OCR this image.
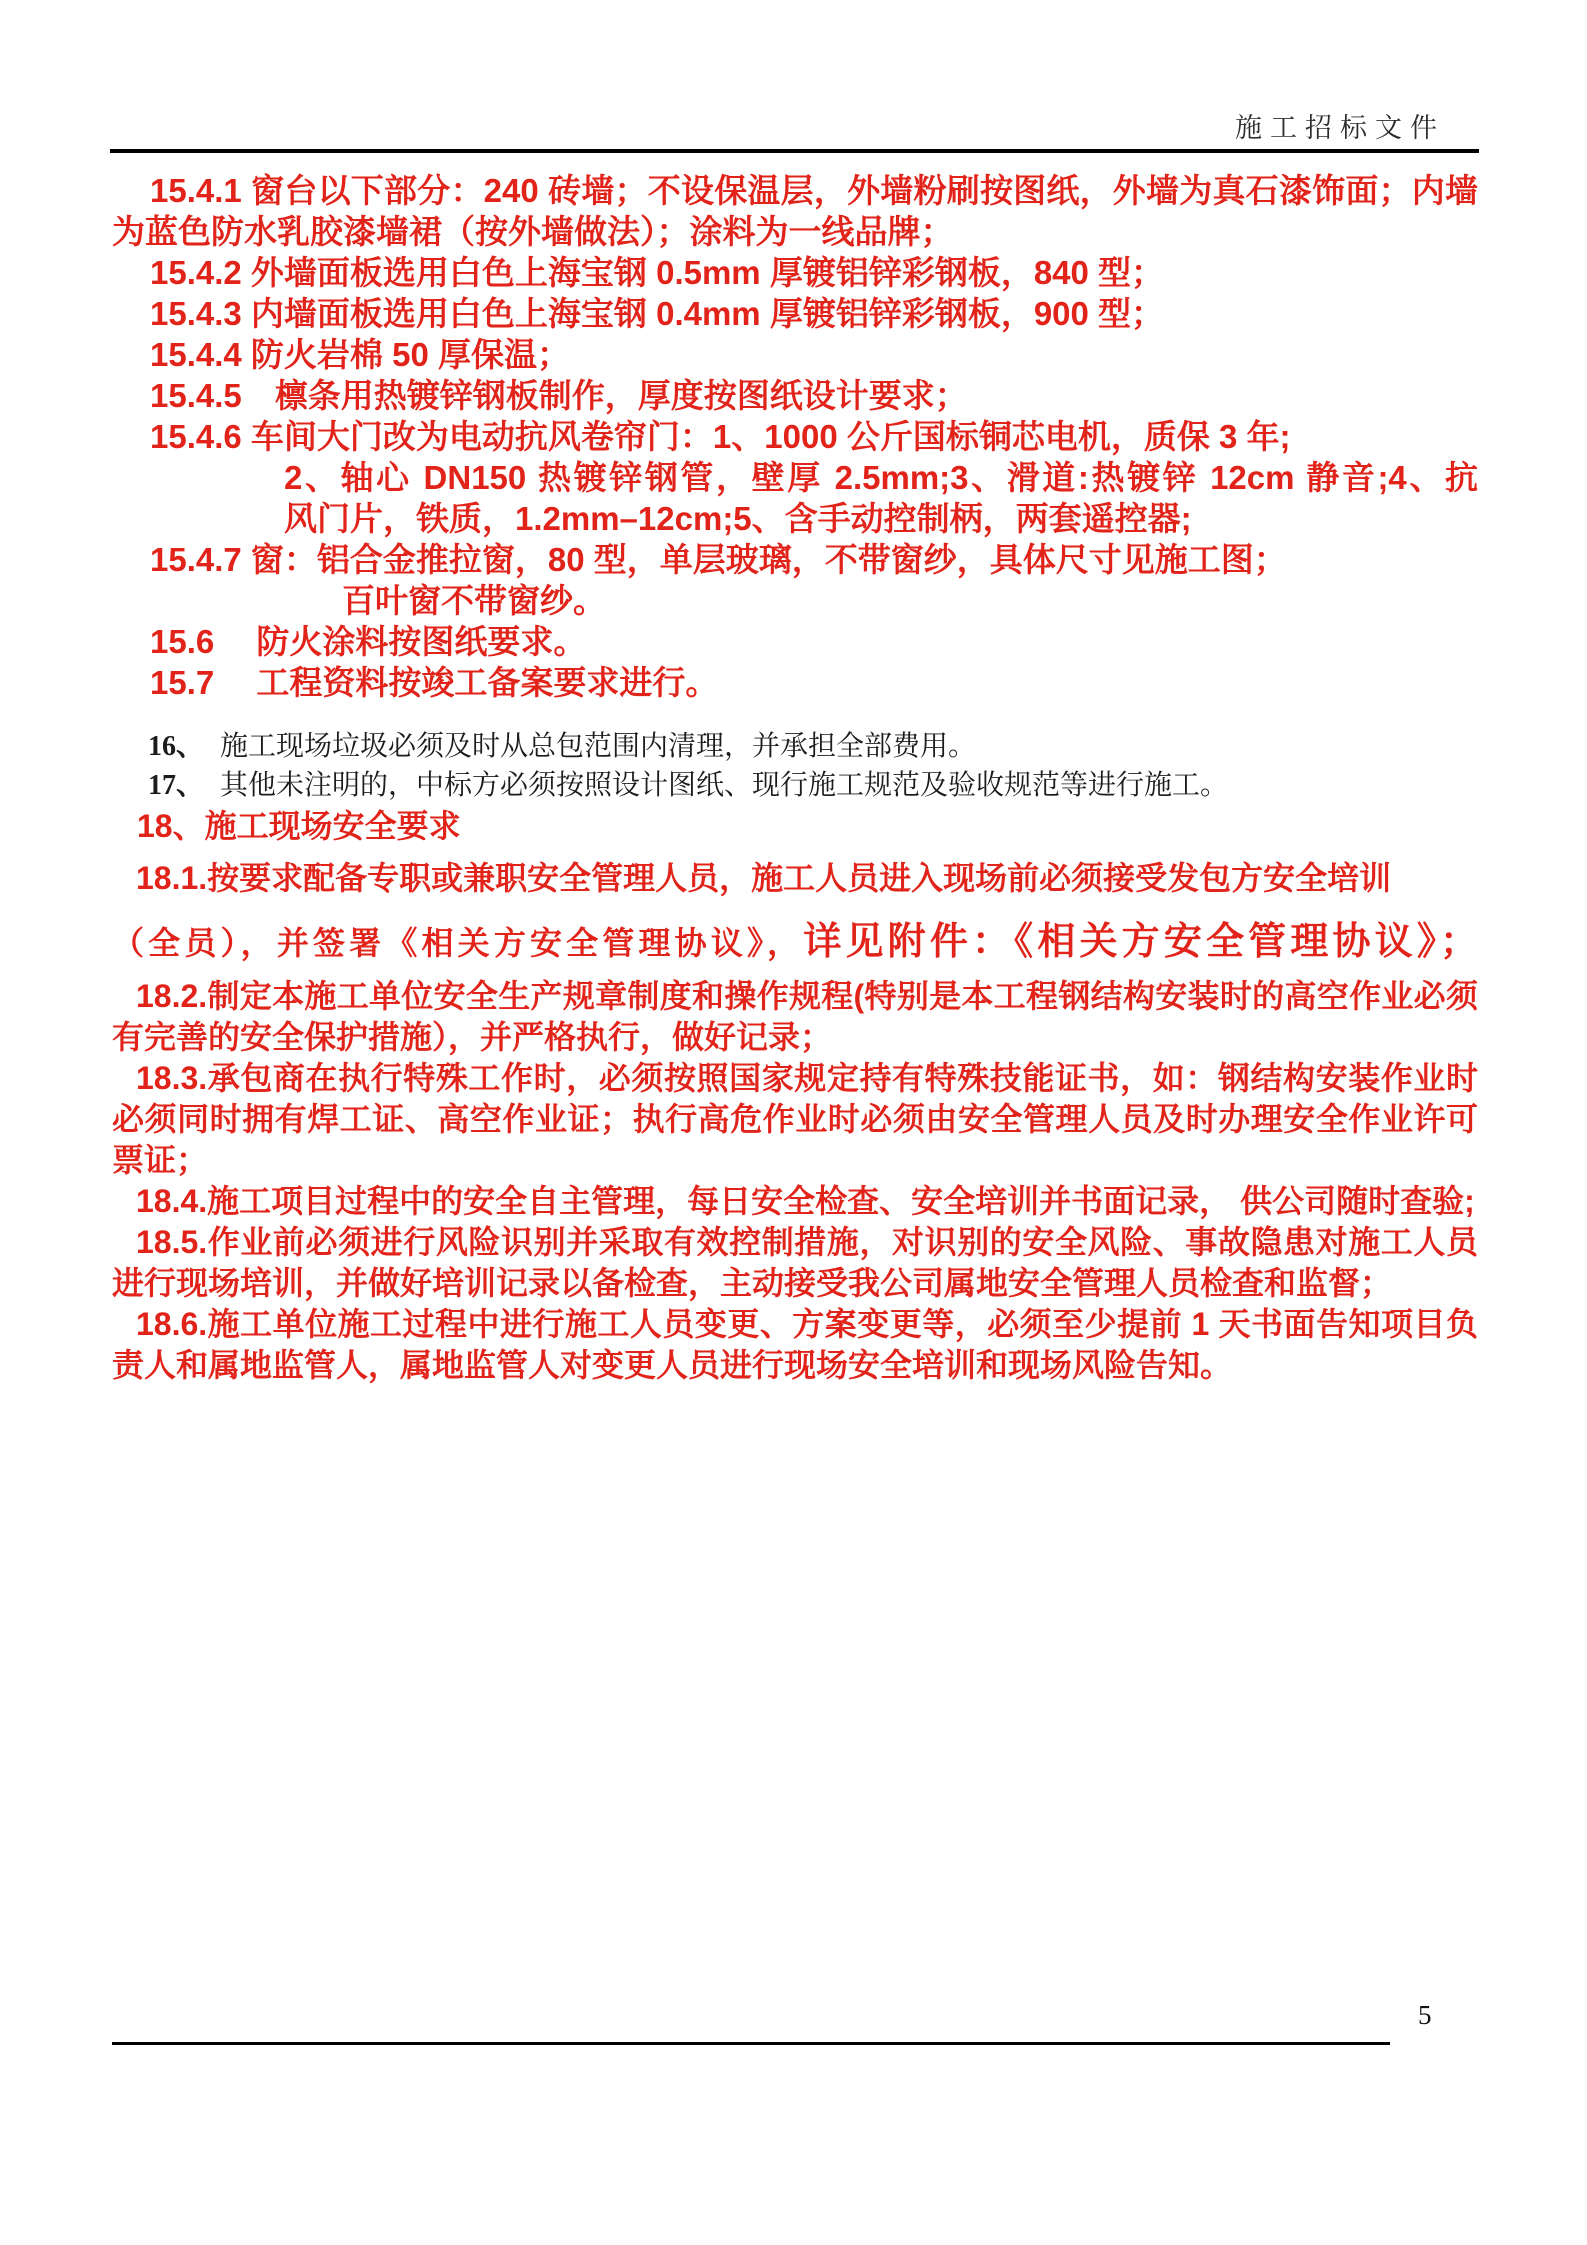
施工招标文件

15.4.1 窗台以下部分：240 砖墙；不设保温层，外墙粉刷按图纸，外墙为真石漆饰面；内墙为蓝色防水乳胶漆墙裙（按外墙做法）；涂料为一线品牌；

15.4.2 外墙面板选用白色上海宝钢 0.5mm 厚镀铝锌彩钢板，840 型；

15.4.3 内墙面板选用白色上海宝钢 0.4mm 厚镀铝锌彩钢板，900 型；

15.4.4 防火岩棉 50 厚保温；

15.4.5　檩条用热镀锌钢板制作，厚度按图纸设计要求；

15.4.6 车间大门改为电动抗风卷帘门：1、1000 公斤国标铜芯电机，质保 3 年;

2、轴心 DN150 热镀锌钢管，壁厚 2.5mm;3、滑道:热镀锌 12cm 静音;4、抗

风门片，铁质，1.2mm–12cm;5、含手动控制柄，两套遥控器;

15.4.7 窗：铝合金推拉窗，80 型，单层玻璃，不带窗纱，具体尺寸见施工图；

百叶窗不带窗纱。

15.6　 防火涂料按图纸要求。

15.7　 工程资料按竣工备案要求进行。

16、 施工现场垃圾必须及时从总包范围内清理，并承担全部费用。

17、 其他未注明的，中标方必须按照设计图纸、现行施工规范及验收规范等进行施工。

18、施工现场安全要求

18.1.按要求配备专职或兼职安全管理人员，施工人员进入现场前必须接受发包方安全培训

（全员），并签署《相关方安全管理协议》，详见附件：《相关方安全管理协议》；

18.2.制定本施工单位安全生产规章制度和操作规程(特别是本工程钢结构安装时的高空作业必须有完善的安全保护措施），并严格执行，做好记录；

18.3.承包商在执行特殊工作时，必须按照国家规定持有特殊技能证书，如：钢结构安装作业时必须同时拥有焊工证、高空作业证；执行高危作业时必须由安全管理人员及时办理安全作业许可票证；

18.4.施工项目过程中的安全自主管理，每日安全检查、安全培训并书面记录， 供公司随时查验;

18.5.作业前必须进行风险识别并采取有效控制措施，对识别的安全风险、事故隐患对施工人员进行现场培训，并做好培训记录以备检查，主动接受我公司属地安全管理人员检查和监督；

18.6.施工单位施工过程中进行施工人员变更、方案变更等，必须至少提前 1 天书面告知项目负责人和属地监管人，属地监管人对变更人员进行现场安全培训和现场风险告知。

5
